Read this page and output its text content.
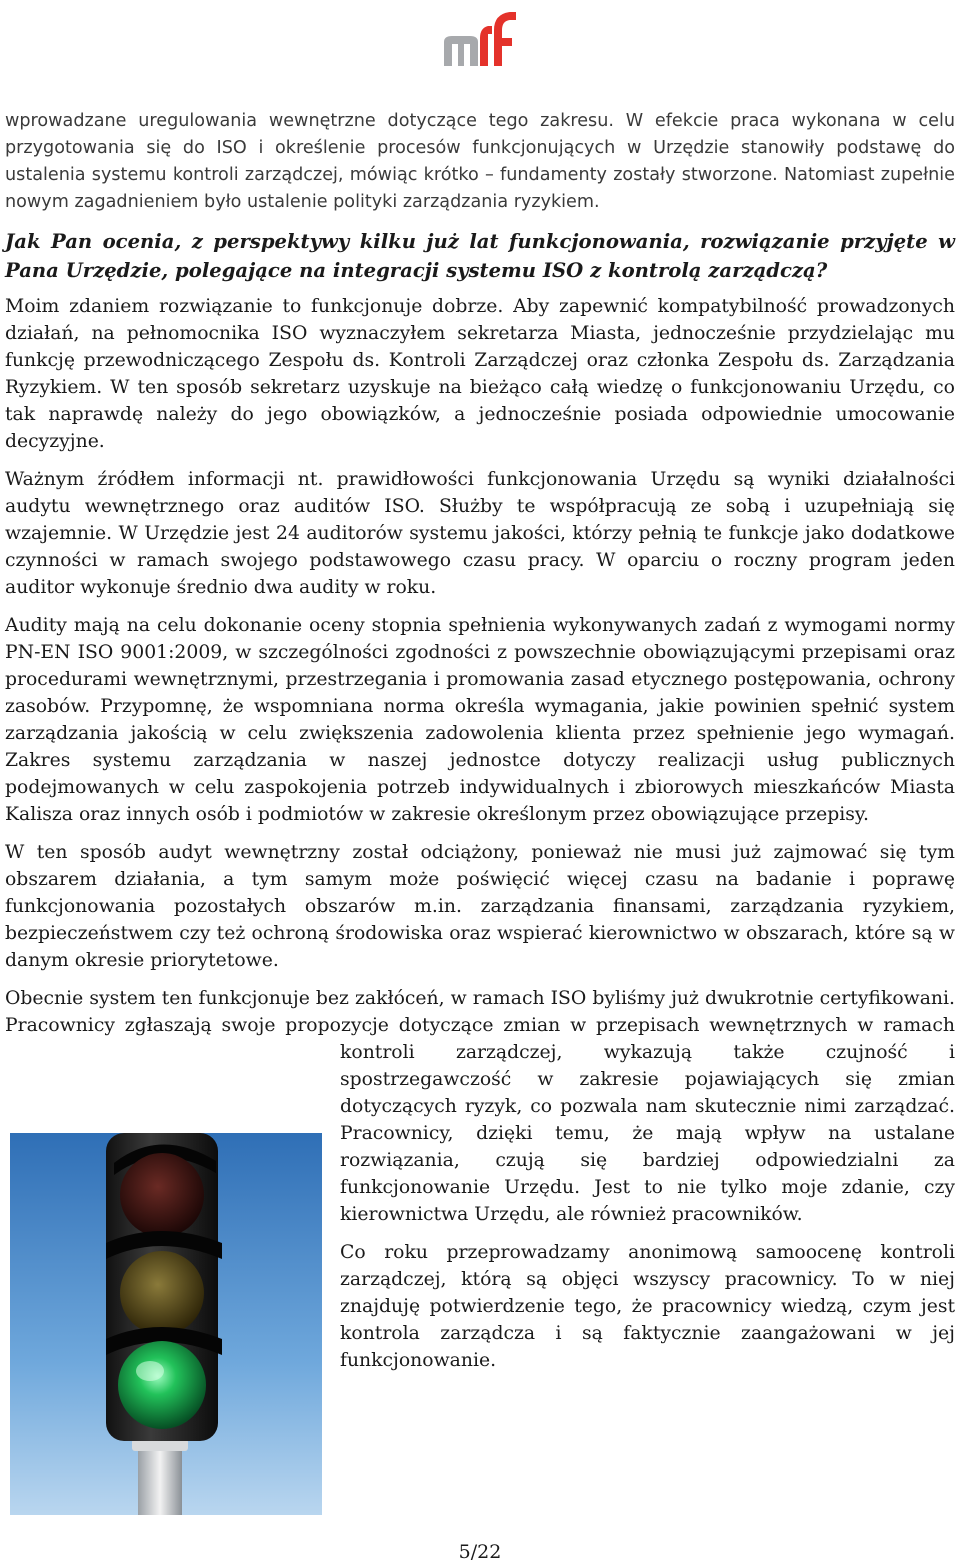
wprowadzane uregulowania wewnętrzne dotyczące tego zakresu. W efekcie praca wykonana w celu przygotowania się do ISO i określenie procesów funkcjonujących w Urzędzie stanowiły podstawę do ustalenia systemu kontroli zarządczej, mówiąc krótko – fundamenty zostały stworzone. Natomiast zupełnie nowym zagadnieniem było ustalenie polityki zarządzania ryzykiem.

Jak Pan ocenia, z perspektywy kilku już lat funkcjonowania, rozwiązanie przyjęte w Pana Urzędzie, polegające na integracji systemu ISO z kontrolą zarządczą?

Moim zdaniem rozwiązanie to funkcjonuje dobrze. Aby zapewnić kompatybilność prowadzonych działań, na pełnomocnika ISO wyznaczyłem sekretarza Miasta, jednocześnie przydzielając mu funkcję przewodniczącego Zespołu ds. Kontroli Zarządczej oraz członka Zespołu ds. Zarządzania Ryzykiem. W ten sposób sekretarz uzyskuje na bieżąco całą wiedzę o funkcjonowaniu Urzędu, co tak naprawdę należy do jego obowiązków, a jednocześnie posiada odpowiednie umocowanie decyzyjne.

Ważnym źródłem informacji nt. prawidłowości funkcjonowania Urzędu są wyniki działalności audytu wewnętrznego oraz auditów ISO. Służby te współpracują ze sobą i uzupełniają się wzajemnie. W Urzędzie jest 24 auditorów systemu jakości, którzy pełnią te funkcje jako dodatkowe czynności w ramach swojego podstawowego czasu pracy. W oparciu o roczny program jeden auditor wykonuje średnio dwa audity w roku.

Audity mają na celu dokonanie oceny stopnia spełnienia wykonywanych zadań z wymogami normy PN-EN ISO 9001:2009, w szczególności zgodności z powszechnie obowiązującymi przepisami oraz procedurami wewnętrznymi, przestrzegania i promowania zasad etycznego postępowania, ochrony zasobów. Przypomnę, że wspomniana norma określa wymagania, jakie powinien spełnić system zarządzania jakością w celu zwiększenia zadowolenia klienta przez spełnienie jego wymagań. Zakres systemu zarządzania w naszej jednostce dotyczy realizacji usług publicznych podejmowanych w celu zaspokojenia potrzeb indywidualnych i zbiorowych mieszkańców Miasta Kalisza oraz innych osób i podmiotów w zakresie określonym przez obowiązujące przepisy.

W ten sposób audyt wewnętrzny został odciążony, ponieważ nie musi już zajmować się tym obszarem działania, a tym samym może poświęcić więcej czasu na badanie i poprawę funkcjonowania pozostałych obszarów m.in. zarządzania finansami, zarządzania ryzykiem, bezpieczeństwem czy też ochroną środowiska oraz wspierać kierownictwo w obszarach, które są w danym okresie priorytetowe.

Obecnie system ten funkcjonuje bez zakłóceń, w ramach ISO byliśmy już dwukrotnie certyfikowani. Pracownicy zgłaszają swoje propozycje dotyczące zmian w przepisach wewnętrznych w ramach
kontroli zarządczej, wykazują także czujność i spostrzegawczość w zakresie pojawiających się zmian dotyczących ryzyk, co pozwala nam skutecznie nimi zarządzać. Pracownicy, dzięki temu, że mają wpływ na ustalane rozwiązania, czują się bardziej odpowiedzialni za funkcjonowanie Urzędu. Jest to nie tylko moje zdanie, czy kierownictwa Urzędu, ale również pracowników.

Co roku przeprowadzamy anonimową samoocenę kontroli zarządczej, którą są objęci wszyscy pracownicy. To w niej znajduję potwierdzenie tego, że pracownicy wiedzą, czym jest kontrola zarządcza i są faktycznie zaangażowani w jej funkcjonowanie.

5/22
